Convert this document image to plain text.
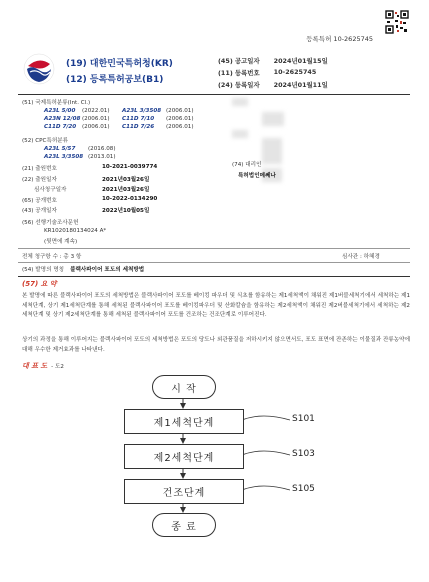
등록특허 10-2625745
(19) 대한민국특허청(KR)
(12) 등록특허공보(B1)
(45) 공고일자 2024년01월15일
(11) 등록번호 10-2625745
(24) 등록일자 2024년01월11일
(51) 국제특허분류(Int. Cl.)
A23L 5/00	(2022.01)	A23L 3/3508 (2006.01)
A23N 12/08 (2006.01)	C11D 7/10	(2006.01)
C11D 7/20	(2006.01)	C11D 7/26	(2006.01)
(52) CPC특허분류
A23L 5/57	(2016.08)
A23L 3/3508 (2013.01)
(21) 출원번호	10-2021-0039774
(22) 출원일자	2021년03월26일
심사청구일자	2021년03월26일
(65) 공개번호	10-2022-0134290
(43) 공개일자	2022년10월05일
(56) 선행기술조사문헌
KR1020180134024 A*
(뒷면에 계속)
(74) 대리인
특허법인메쎄나
전체 청구항 수 : 총 3 항	심사관 : 하혜경
(54) 발명의 명칭 블랙사파이어 포도의 세척방법
(57) 요 약
본 발명에 따른 블랙사파이어 포도의 세척방법은 블랙사파이어 포도를 베이킹 파우더 및 식초를 함유하는 제1세척액이 채워진 제1버블세척기에서 세척하는 제1세척단계, 상기 제1세척단계를 통해 세척된 블랙사파이어 포도를 베이킹파우더 및 산화칼슘을 함유하는 제2세척액이 채워진 제2버블세척기에서 세척하는 제2세척단계 및 상기 제2세척단계를 통해 세척된 블랙사파이어 포도를 건조하는 건조단계로 이루어진다.
상기의 과정을 통해 이루어지는 블랙사파이어 포도의 세척방법은 포도의 당도나 외관품질을 저하시키지 않으면서도, 포도 표면에 잔존하는 이물질과 잔류농약에 대해 우수한 제거효과를 나타낸다.
대 표 도 - 도2
시 작
제1세척단계	S101
제2세척단계	S103
건조단계	S105
종 료
